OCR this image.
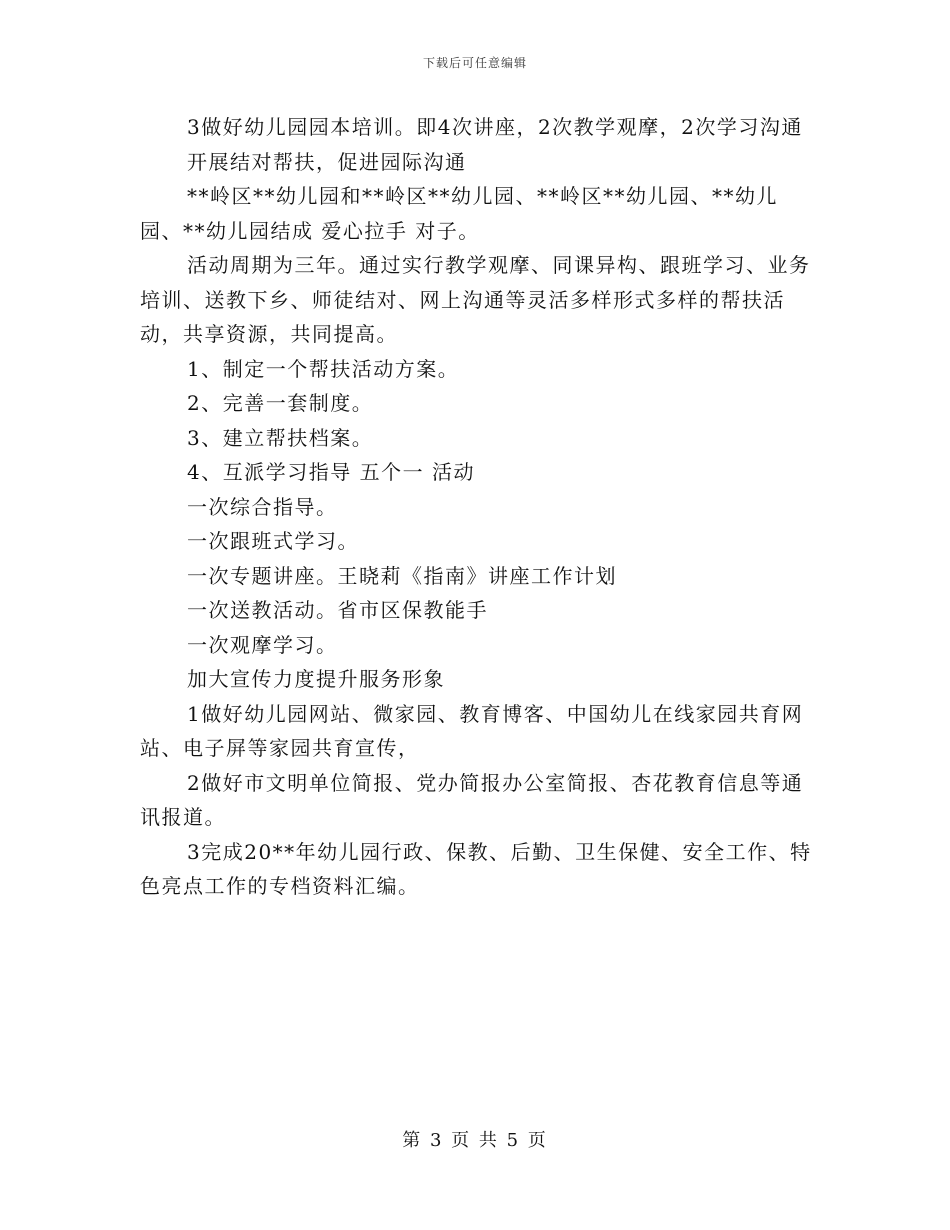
下载后可任意编辑

3做好幼儿园园本培训。即4次讲座，2次教学观摩，2次学习沟通

开展结对帮扶，促进园际沟通

**岭区**幼儿园和**岭区**幼儿园、**岭区**幼儿园、**幼儿园、**幼儿园结成 爱心拉手 对子。

活动周期为三年。通过实行教学观摩、同课异构、跟班学习、业务培训、送教下乡、师徒结对、网上沟通等灵活多样形式多样的帮扶活动，共享资源，共同提高。

1、制定一个帮扶活动方案。

2、完善一套制度。

3、建立帮扶档案。

4、互派学习指导 五个一 活动

一次综合指导。

一次跟班式学习。

一次专题讲座。王晓莉《指南》讲座工作计划

一次送教活动。省市区保教能手

一次观摩学习。

加大宣传力度提升服务形象

1做好幼儿园网站、微家园、教育博客、中国幼儿在线家园共育网站、电子屏等家园共育宣传，

2做好市文明单位简报、党办简报办公室简报、杏花教育信息等通讯报道。

3完成20**年幼儿园行政、保教、后勤、卫生保健、安全工作、特色亮点工作的专档资料汇编。

第 3 页 共 5 页
